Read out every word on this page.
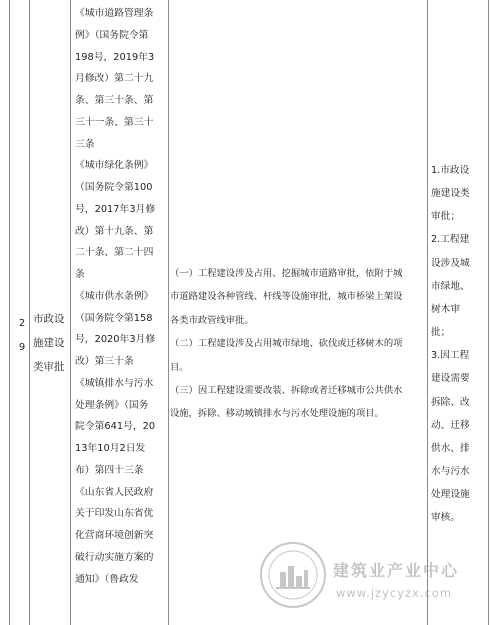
2
9
市政设
施建设
类审批
《城市道路管理条
例》（国务院令第
198号，2019年3
月修改）第二十九
条、第三十条、第
三十一条、第三十
三条
《城市绿化条例》
（国务院令第100
号，2017年3月修
改）第十九条、第
二十条、第二十四
条
《城市供水条例》
（国务院令第158
号，2020年3月修
改）第三十条
《城镇排水与污水
处理条例》（国务
院令第641号，20
13年10月2日发
布）第四十三条
《山东省人民政府
关于印发山东省优
化营商环境创新突
破行动实施方案的
通知》（鲁政发
（一）工程建设涉及占用、挖掘城市道路审批，依附于城
市道路建设各种管线、杆线等设施审批，城市桥梁上架设
各类市政管线审批。
（二）工程建设涉及占用城市绿地、砍伐或迁移树木的项
目。
（三）因工程建设需要改装、拆除或者迁移城市公共供水
设施，拆除、移动城镇排水与污水处理设施的项目。
1.市政设
施建设类
审批；
2.工程建
设涉及城
市绿地、
树木审
批；
3.因工程
建设需要
拆除、改
动、迁移
供水、排
水与污水
处理设施
审核。
建筑业产业中心
www.jzycyzx.com
